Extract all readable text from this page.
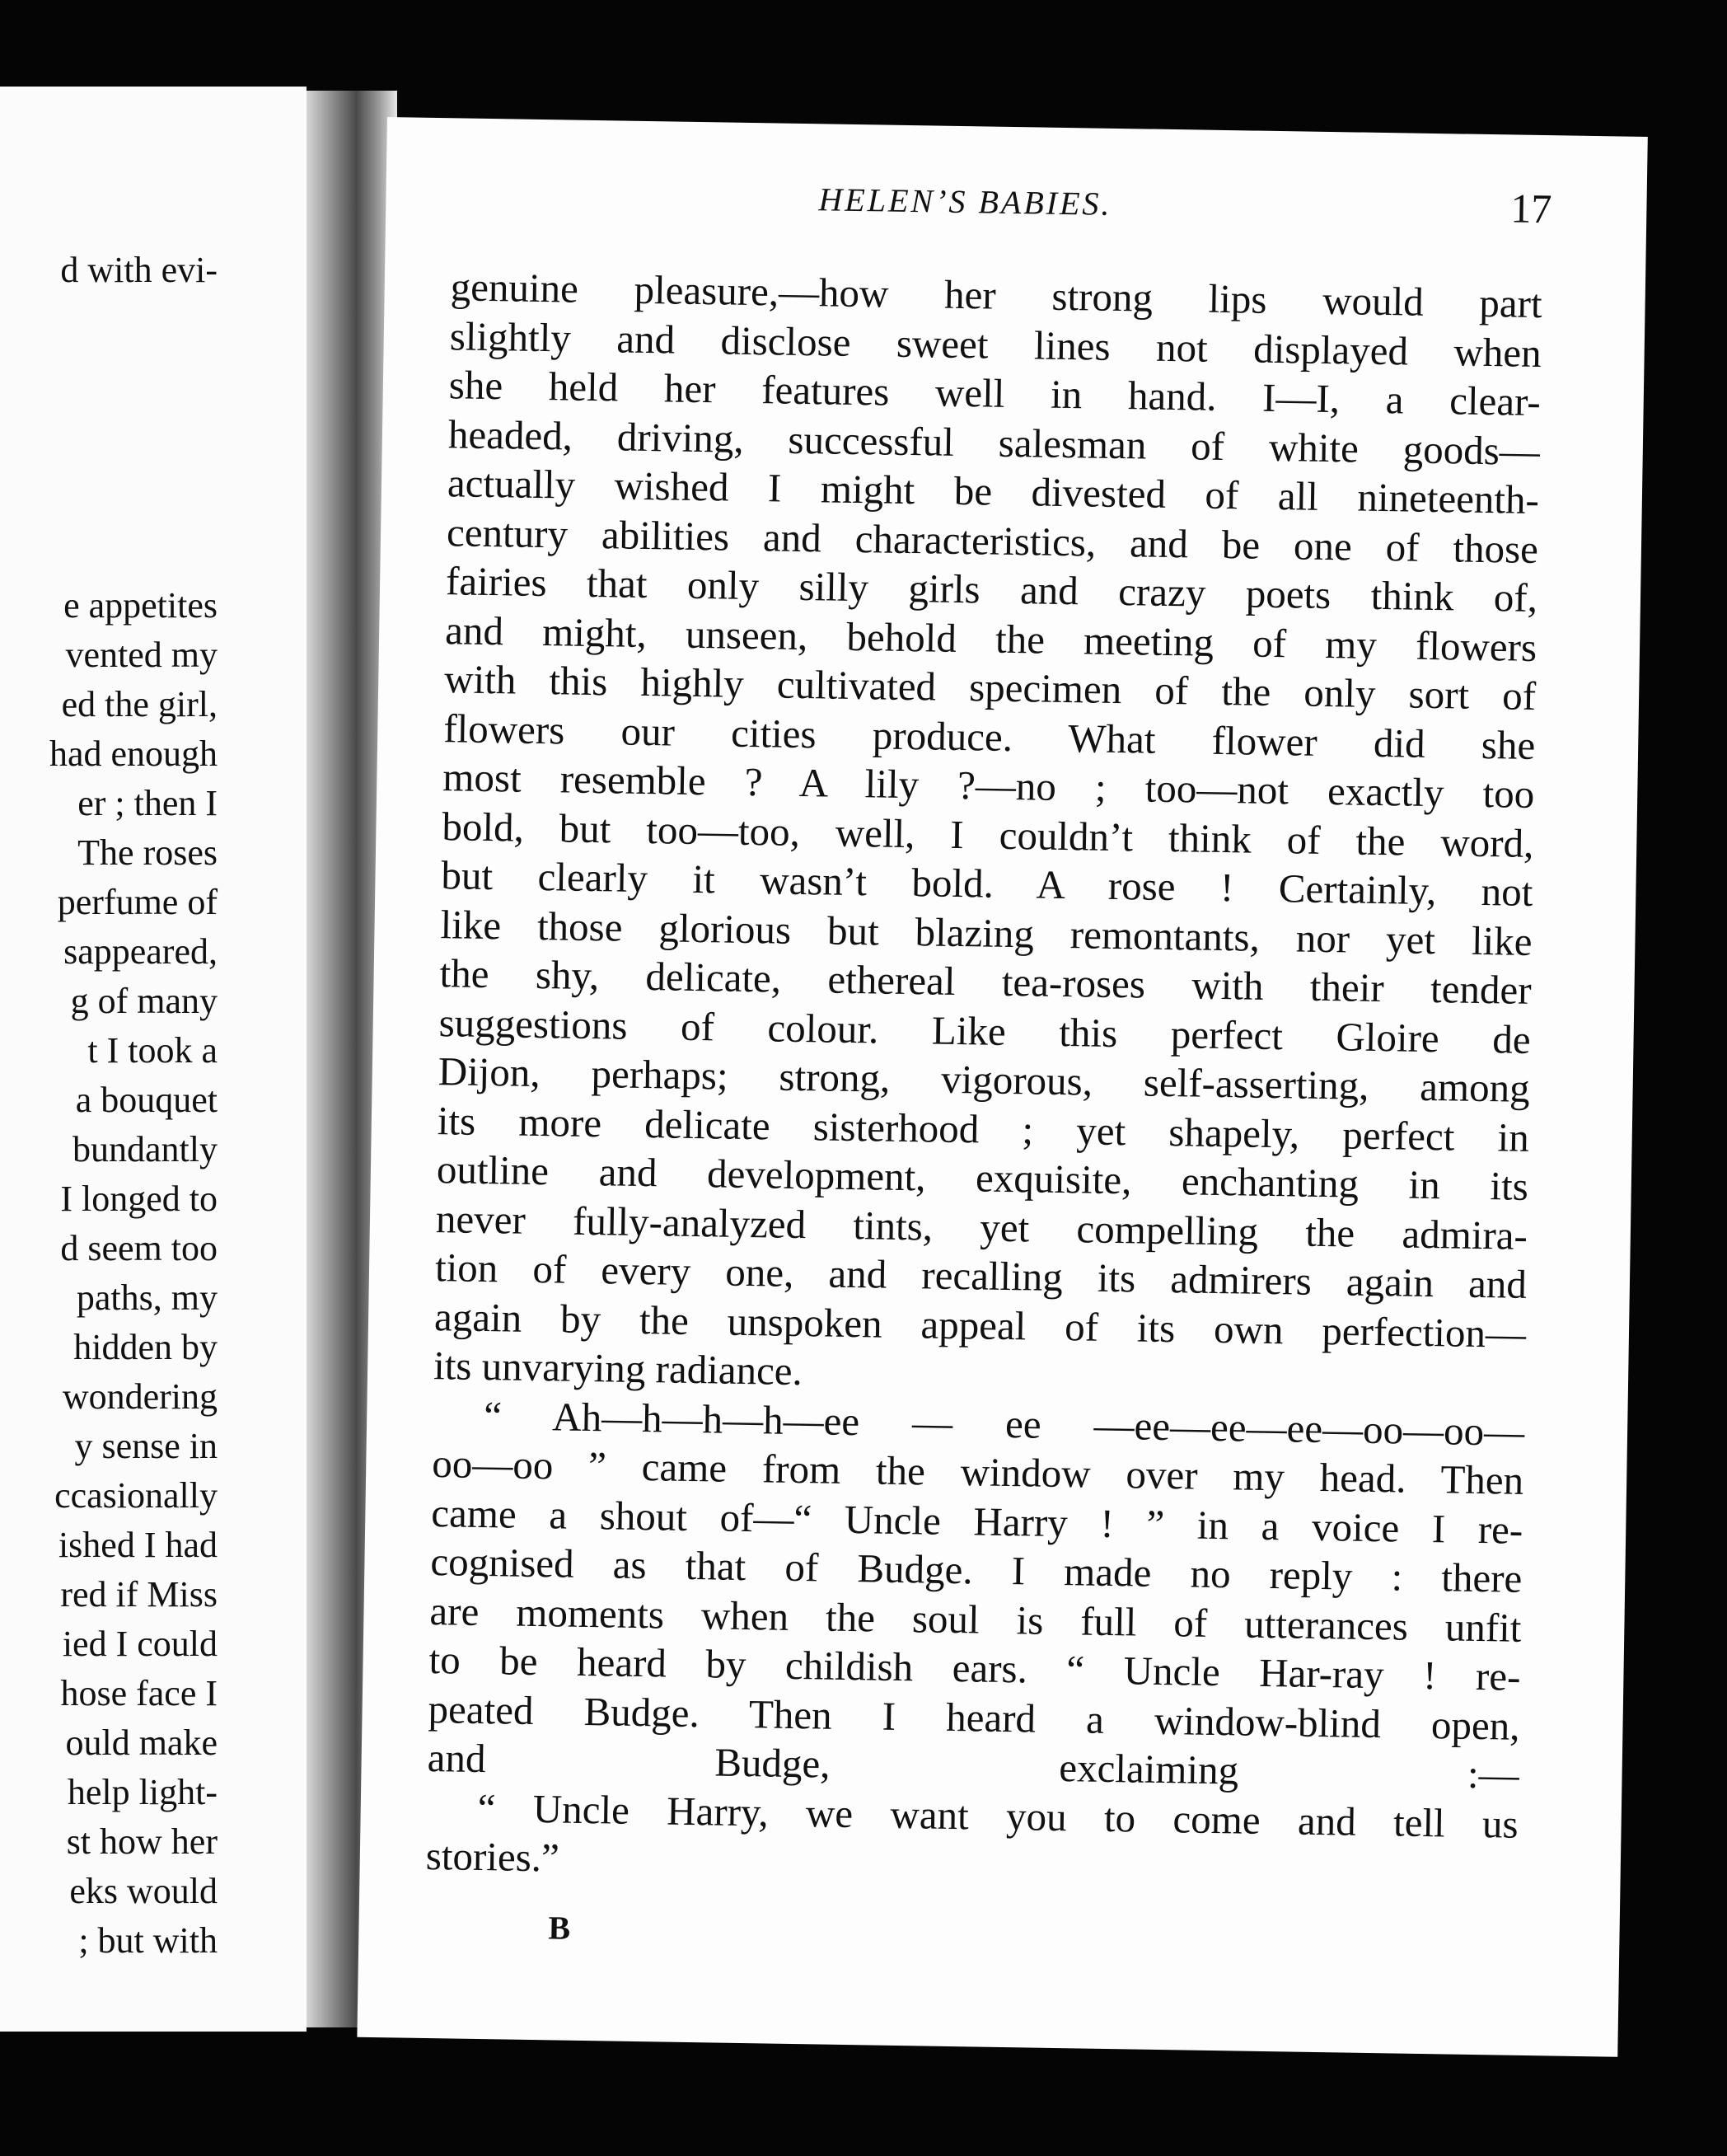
d with evi-
e appetites
vented my
ed the girl,
had enough
er ; then I
The roses
perfume of
sappeared,
g of many
t I took a
a bouquet
bundantly
I longed to
d seem too
paths, my
hidden by
wondering
y sense in
ccasionally
ished I had
red if Miss
ied I could
hose face I
ould make
help light-
st how her
eks would
; but with
HELEN’S BABIES.	17
genuine pleasure,—how her strong lips would part
slightly and disclose sweet lines not displayed when
she held her features well in hand. I—I, a clear-
headed, driving, successful salesman of white goods—
actually wished I might be divested of all nineteenth-
century abilities and characteristics, and be one of those
fairies that only silly girls and crazy poets think of,
and might, unseen, behold the meeting of my flowers
with this highly cultivated specimen of the only sort of
flowers our cities produce. What flower did she
most resemble ? A lily ?—no ; too—not exactly too
bold, but too—too, well, I couldn’t think of the word,
but clearly it wasn’t bold. A rose ! Certainly, not
like those glorious but blazing remontants, nor yet like
the shy, delicate, ethereal tea-roses with their tender
suggestions of colour. Like this perfect Gloire de
Dijon, perhaps; strong, vigorous, self-asserting, among
its more delicate sisterhood ; yet shapely, perfect in
outline and development, exquisite, enchanting in its
never fully-analyzed tints, yet compelling the admira-
tion of every one, and recalling its admirers again and
again by the unspoken appeal of its own perfection—
its unvarying radiance.
“ Ah—h—h—h—ee — ee —ee—ee—ee—oo—oo—
oo—oo ” came from the window over my head. Then
came a shout of—“ Uncle Harry ! ” in a voice I re-
cognised as that of Budge. I made no reply : there
are moments when the soul is full of utterances unfit
to be heard by childish ears. “ Uncle Har-ray ! re-
peated Budge. Then I heard a window-blind open,
and Budge, exclaiming :—
“ Uncle Harry, we want you to come and tell us
stories.”
B
